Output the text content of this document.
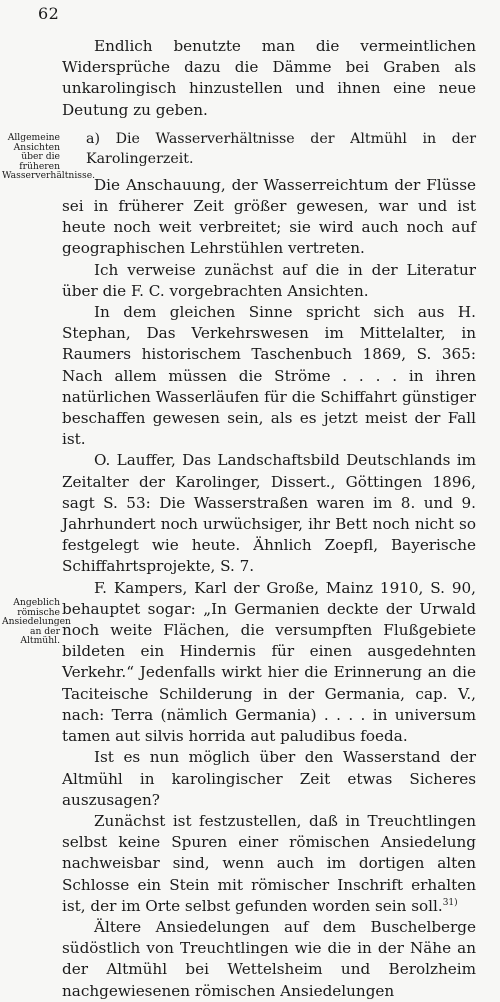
62

Endlich benutzte man die vermeintlichen Widersprüche dazu die Dämme bei Graben als unkarolingisch hinzustellen und ihnen eine neue Deutung zu geben.

a) Die Wasserverhältnisse der Altmühl in der Karolingerzeit.

Die Anschauung, der Wasserreichtum der Flüsse sei in früherer Zeit größer gewesen, war und ist heute noch weit verbreitet; sie wird auch noch auf geographischen Lehrstühlen vertreten.

Ich verweise zunächst auf die in der Literatur über die F. C. vorgebrachten Ansichten.

In dem gleichen Sinne spricht sich aus H. Stephan, Das Verkehrswesen im Mittelalter, in Raumers historischem Taschenbuch 1869, S. 365: Nach allem müssen die Ströme . . . . in ihren natürlichen Wasserläufen für die Schiffahrt günstiger beschaffen gewesen sein, als es jetzt meist der Fall ist.

O. Lauffer, Das Landschaftsbild Deutschlands im Zeitalter der Karolinger, Dissert., Göttingen 1896, sagt S. 53: Die Wasserstraßen waren im 8. und 9. Jahrhundert noch urwüchsiger, ihr Bett noch nicht so festgelegt wie heute. Ähnlich Zoepfl, Bayerische Schiffahrtsprojekte, S. 7.

F. Kampers, Karl der Große, Mainz 1910, S. 90, behauptet sogar: „In Germanien deckte der Urwald noch weite Flächen, die versumpften Flußgebiete bildeten ein Hindernis für einen ausgedehnten Verkehr.“ Jedenfalls wirkt hier die Erinnerung an die Taciteische Schilderung in der Germania, cap. V., nach: Terra (nämlich Germania) . . . . in universum tamen aut silvis horrida aut paludibus foeda.

Ist es nun möglich über den Wasserstand der Altmühl in karolingischer Zeit etwas Sicheres auszusagen?

Zunächst ist festzustellen, daß in Treuchtlingen selbst keine Spuren einer römischen Ansiedelung nachweisbar sind, wenn auch im dortigen alten Schlosse ein Stein mit römischer Inschrift erhalten ist, der im Orte selbst gefunden worden sein soll.$^{31)}$

Ältere Ansiedelungen auf dem Buschelberge südöstlich von Treuchtlingen wie die in der Nähe an der Altmühl bei Wettelsheim und Berolzheim nachgewiesenen römischen Ansiedelungen

Allgemeine Ansichten über die früheren Wasserverhältnisse.
Angeblich römische Ansiedelungen an der Altmühl.
